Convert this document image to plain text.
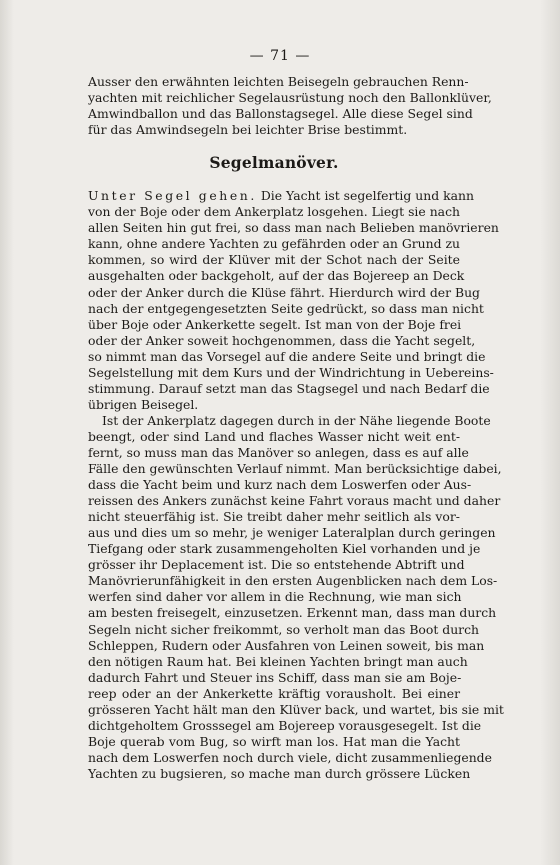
— 71 —
Ausser den erwähnten leichten Beisegeln gebrauchen Renn-
yachten mit reichlicher Segelausrüstung noch den Ballonklüver,
Amwindballon und das Ballonstagsegel. Alle diese Segel sind
für das Amwindsegeln bei leichter Brise bestimmt.
Segelmanöver.
Unter Segel gehen. Die Yacht ist segelfertig und kann
von der Boje oder dem Ankerplatz losgehen. Liegt sie nach
allen Seiten hin gut frei, so dass man nach Belieben manövrieren
kann, ohne andere Yachten zu gefährden oder an Grund zu
kommen, so wird der Klüver mit der Schot nach der Seite
ausgehalten oder backgeholt, auf der das Bojereep an Deck
oder der Anker durch die Klüse fährt. Hierdurch wird der Bug
nach der entgegengesetzten Seite gedrückt, so dass man nicht
über Boje oder Ankerkette segelt. Ist man von der Boje frei
oder der Anker soweit hochgenommen, dass die Yacht segelt,
so nimmt man das Vorsegel auf die andere Seite und bringt die
Segelstellung mit dem Kurs und der Windrichtung in Uebereins-
stimmung. Darauf setzt man das Stagsegel und nach Bedarf die
übrigen Beisegel.
Ist der Ankerplatz dagegen durch in der Nähe liegende Boote
beengt, oder sind Land und flaches Wasser nicht weit ent-
fernt, so muss man das Manöver so anlegen, dass es auf alle
Fälle den gewünschten Verlauf nimmt. Man berücksichtige dabei,
dass die Yacht beim und kurz nach dem Loswerfen oder Aus-
reissen des Ankers zunächst keine Fahrt voraus macht und daher
nicht steuerfähig ist. Sie treibt daher mehr seitlich als vor-
aus und dies um so mehr, je weniger Lateralplan durch geringen
Tiefgang oder stark zusammengeholten Kiel vorhanden und je
grösser ihr Deplacement ist. Die so entstehende Abtrift und
Manövrierunfähigkeit in den ersten Augenblicken nach dem Los-
werfen sind daher vor allem in die Rechnung, wie man sich
am besten freisegelt, einzusetzen. Erkennt man, dass man durch
Segeln nicht sicher freikommt, so verholt man das Boot durch
Schleppen, Rudern oder Ausfahren von Leinen soweit, bis man
den nötigen Raum hat. Bei kleinen Yachten bringt man auch
dadurch Fahrt und Steuer ins Schiff, dass man sie am Boje-
reep oder an der Ankerkette kräftig vorausholt. Bei einer
grösseren Yacht hält man den Klüver back, und wartet, bis sie mit
dichtgeholtem Grosssegel am Bojereep vorausgesegelt. Ist die
Boje querab vom Bug, so wirft man los. Hat man die Yacht
nach dem Loswerfen noch durch viele, dicht zusammenliegende
Yachten zu bugsieren, so mache man durch grössere Lücken
